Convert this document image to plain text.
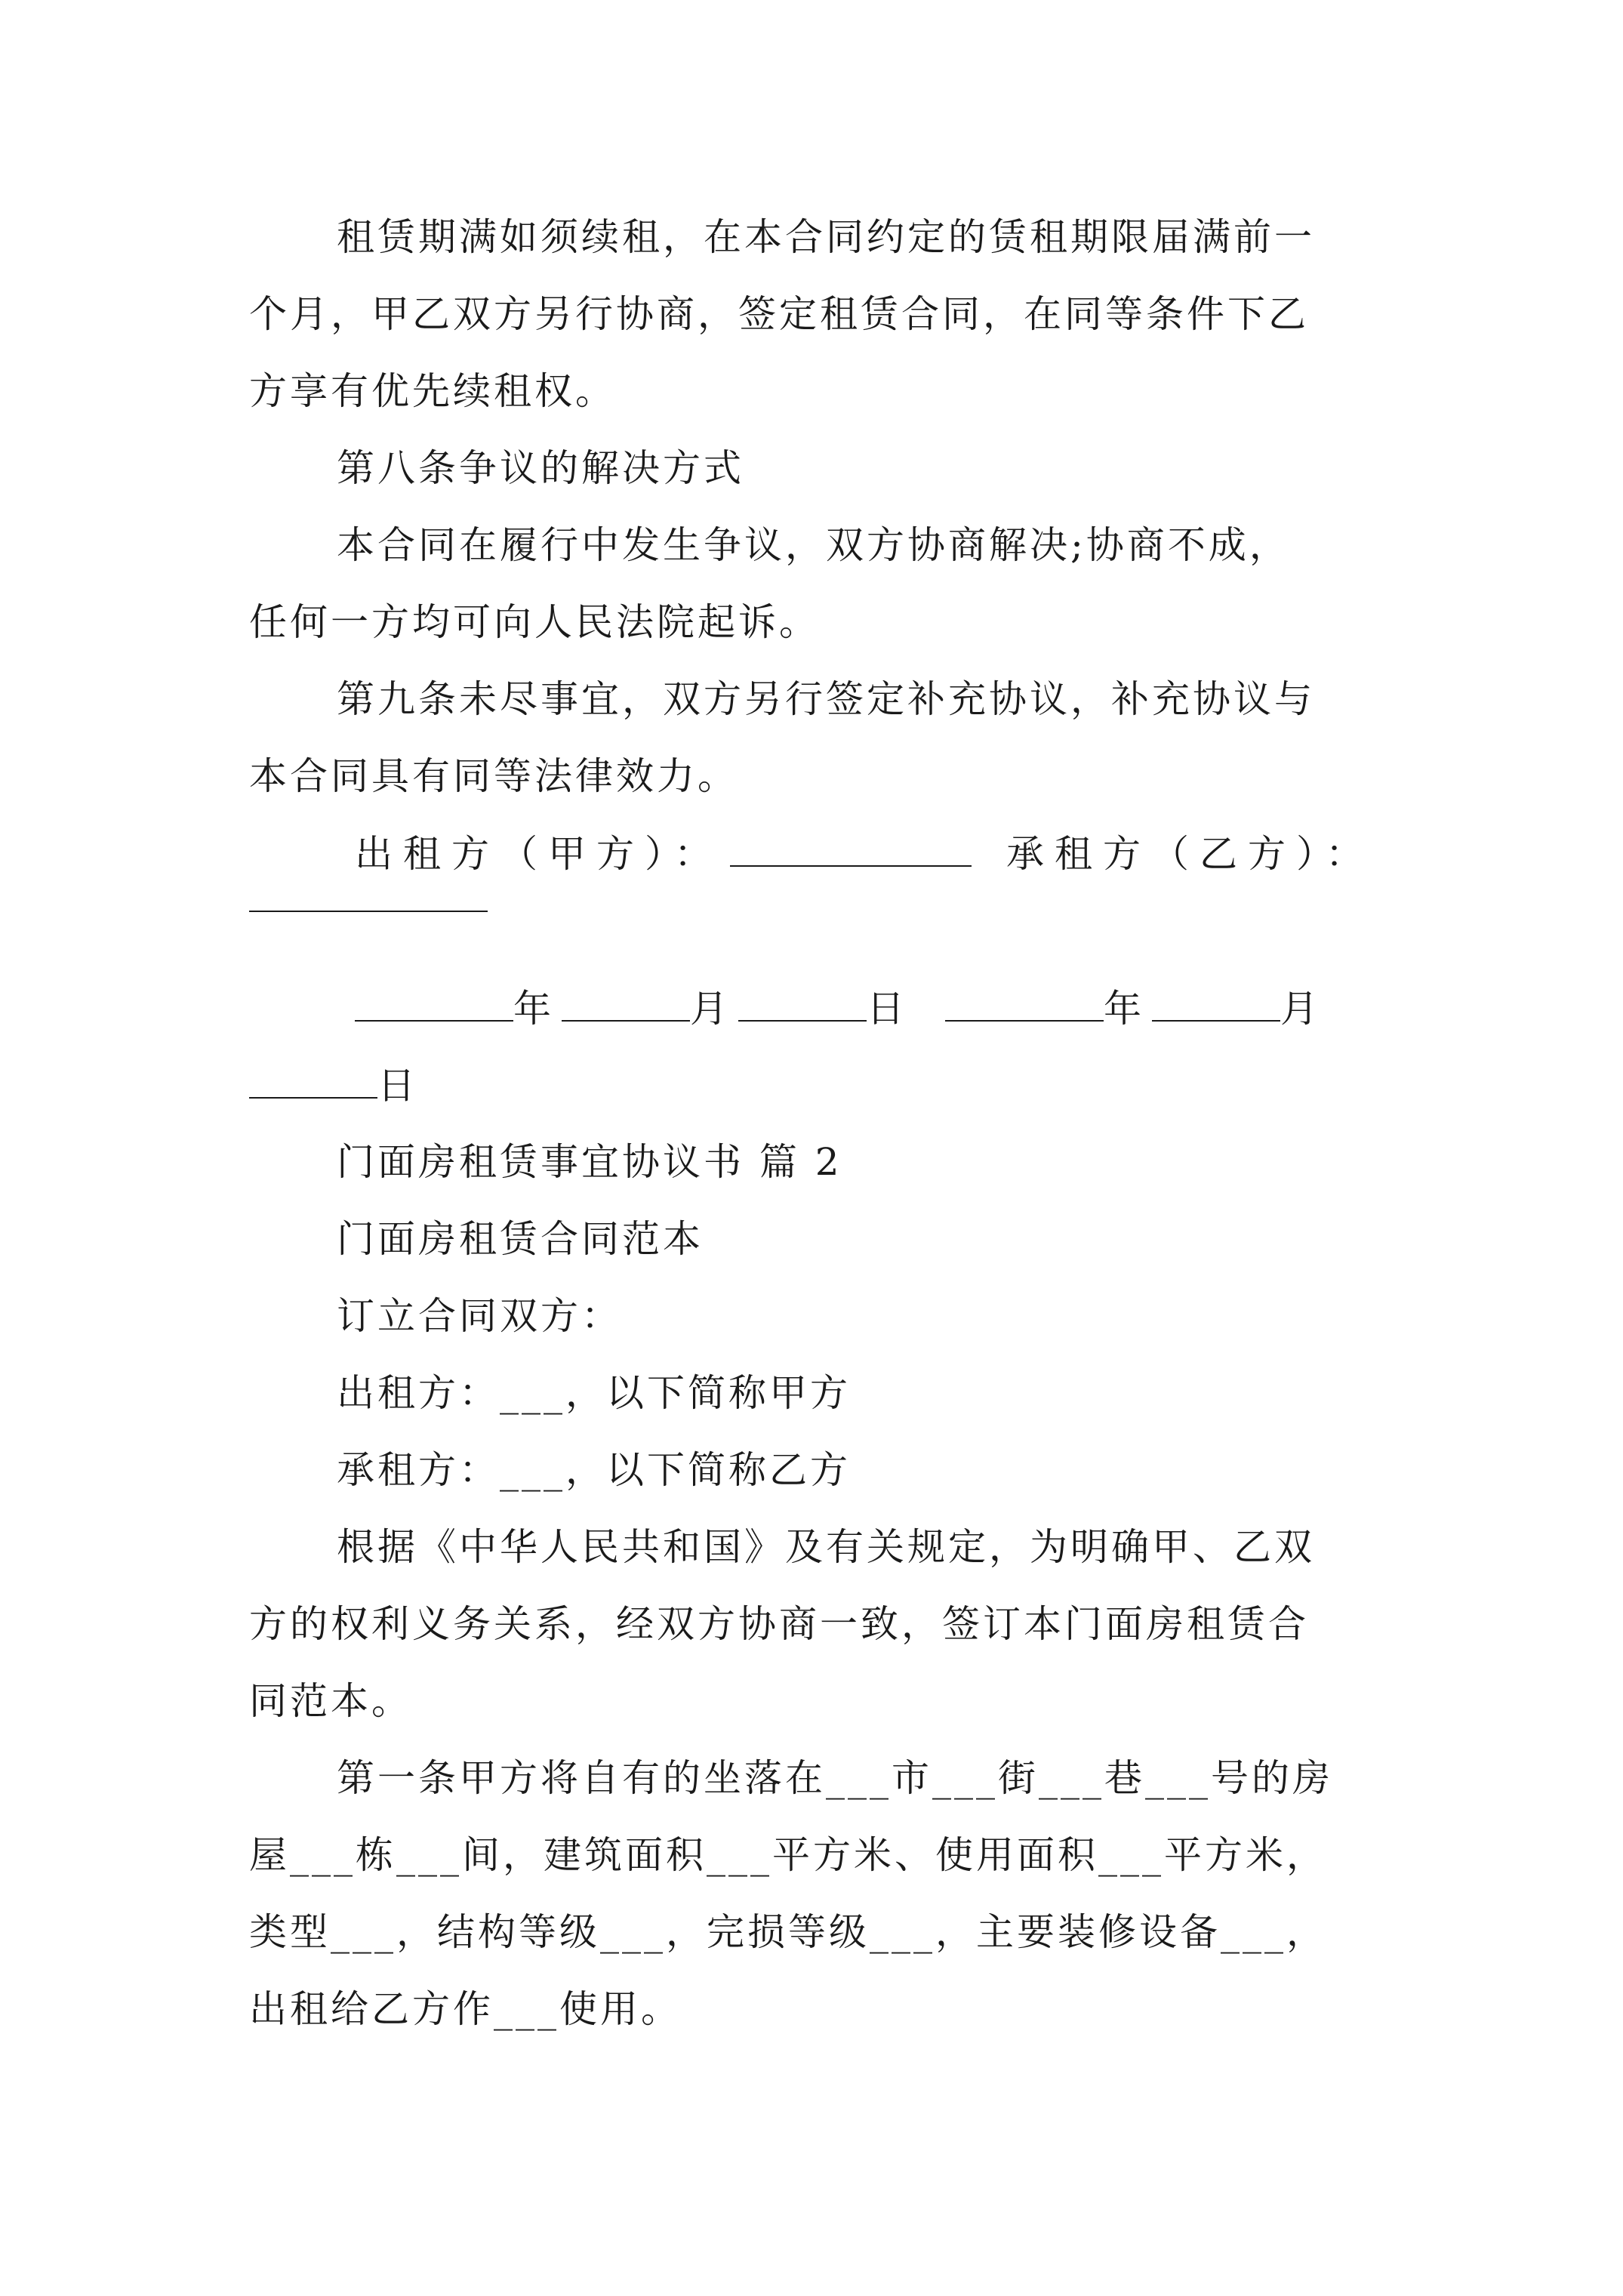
租赁期满如须续租，在本合同约定的赁租期限届满前一
个月，甲乙双方另行协商，签定租赁合同，在同等条件下乙
方享有优先续租权。
第八条争议的解决方式
本合同在履行中发生争议，双方协商解决;协商不成，
任何一方均可向人民法院起诉。
第九条未尽事宜，双方另行签定补充协议，补充协议与
本合同具有同等法律效力。
出租方（甲方）：	承租方（乙方）：
年	月	日	年	月
日
门面房租赁事宜协议书 篇 2
门面房租赁合同范本
订立合同双方：
出租方：___，以下简称甲方
承租方：___，以下简称乙方
根据《中华人民共和国》及有关规定，为明确甲、乙双
方的权利义务关系，经双方协商一致，签订本门面房租赁合
同范本。
第一条甲方将自有的坐落在___市___街___巷___号的房
屋___栋___间，建筑面积___平方米、使用面积___平方米，
类型___，结构等级___，完损等级___，主要装修设备___，
出租给乙方作___使用。
